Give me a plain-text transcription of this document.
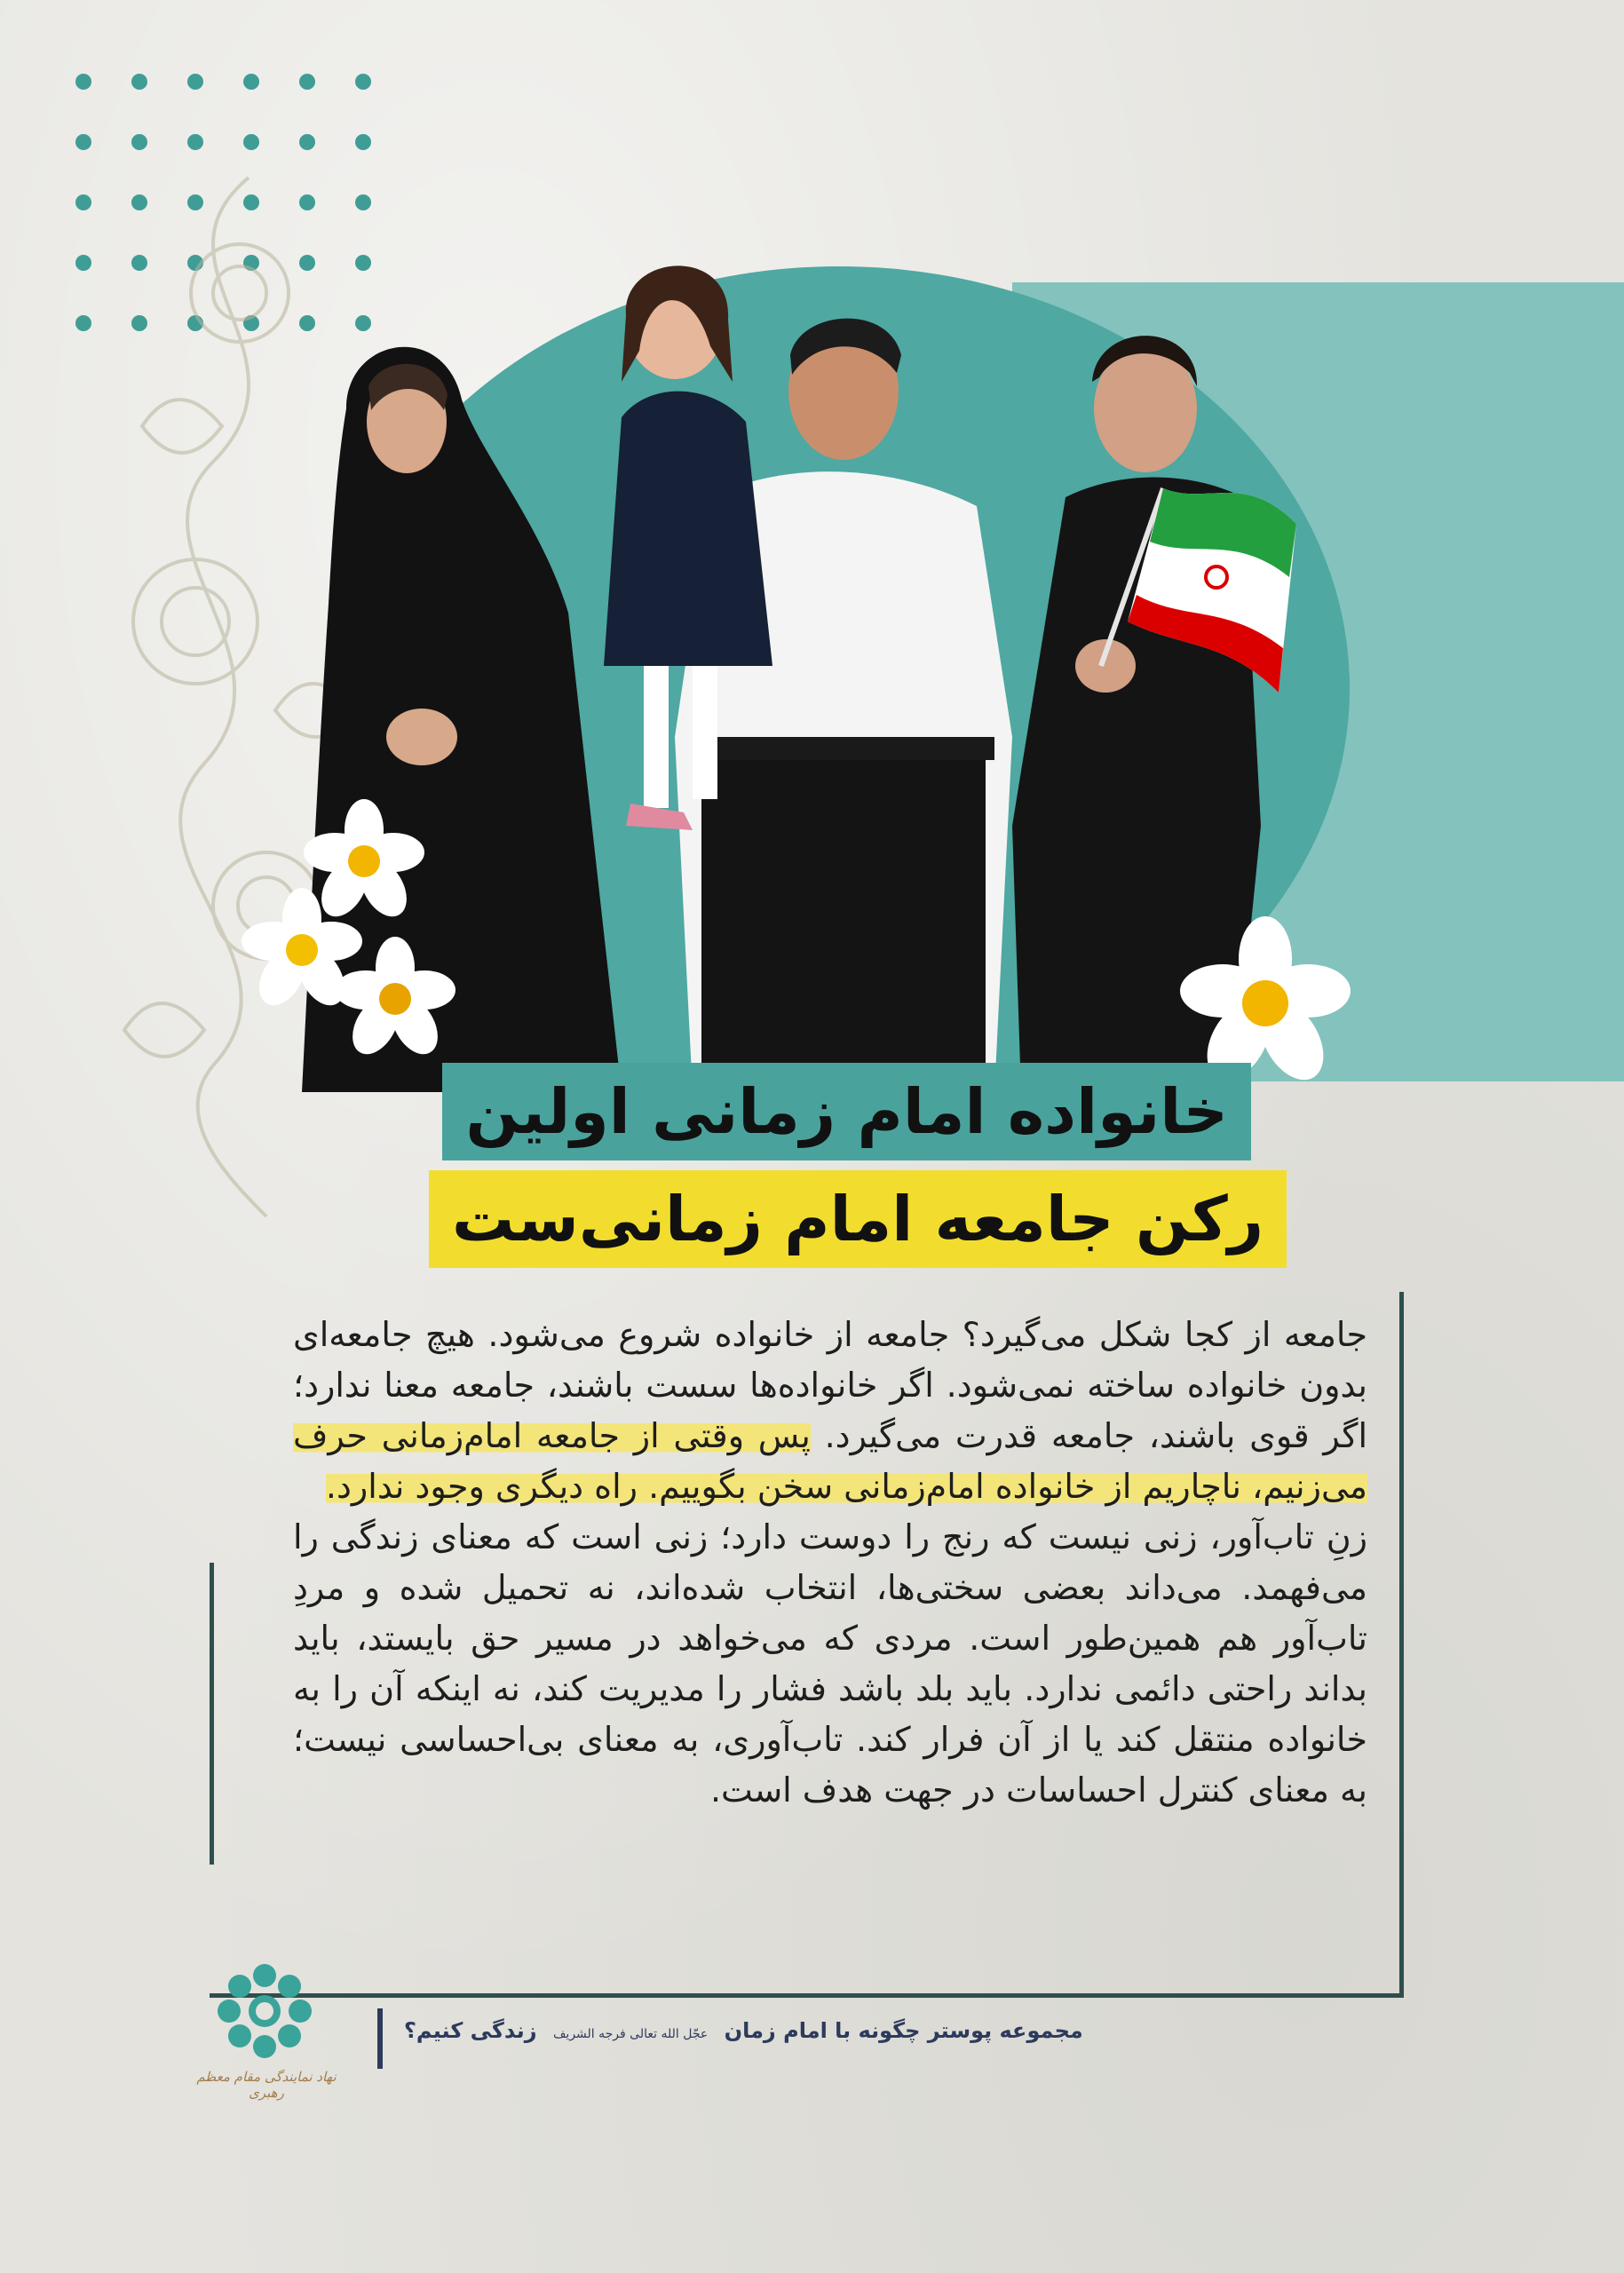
خانواده امام زمانی اولین
رکن جامعه امام زمانی‌ست

جامعه از کجا شکل می‌گیرد؟ جامعه از خانواده شروع می‌شود. هیچ جامعه‌ای بدون خانواده ساخته نمی‌شود. اگر خانواده‌ها سست باشند، جامعه معنا ندارد؛ اگر قوی باشند، جامعه قدرت می‌گیرد. پس وقتی از جامعه امام‌زمانی حرف می‌زنیم، ناچاریم از خانواده امام‌زمانی سخن بگوییم. راه دیگری وجود ندارد.

زنِ تاب‌آور، زنی نیست که رنج را دوست دارد؛ زنی است که معنای زندگی را می‌فهمد. می‌داند بعضی سختی‌ها، انتخاب شده‌اند، نه تحمیل شده و مردِ تاب‌آور هم همین‌طور است. مردی که می‌خواهد در مسیر حق بایستد، باید بداند راحتی دائمی ندارد. باید بلد باشد فشار را مدیریت کند، نه اینکه آن را به خانواده منتقل کند یا از آن فرار کند. تاب‌آوری، به معنای بی‌احساسی نیست؛ به معنای کنترل احساسات در جهت هدف است.

نهاد نمایندگی مقام معظم رهبری
مجموعه پوستر چگونه با امام زمان عجّل الله تعالی فرجه الشریف زندگی کنیم؟
